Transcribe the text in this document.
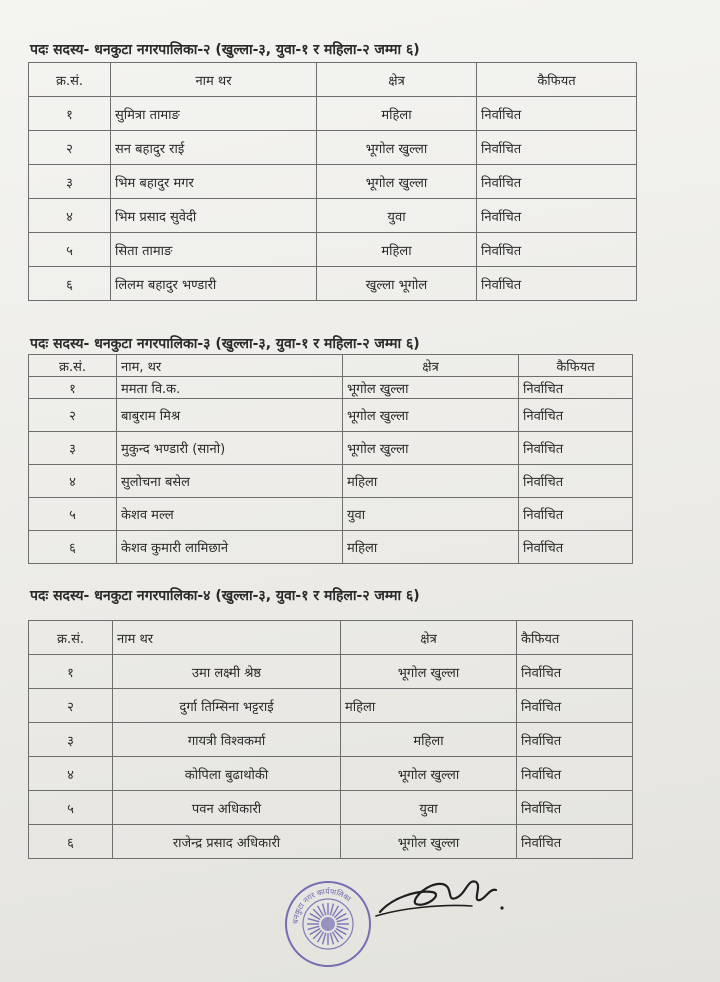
पदः सदस्य- धनकुटा नगरपालिका-२ (खुल्ला-३, युवा-१ र महिला-२ जम्मा ६)
क्र.सं.	नाम थर	क्षेत्र	कैफियत
१	सुमित्रा तामाङ	महिला	निर्वाचित
२	सन बहादुर राई	भूगोल खुल्ला	निर्वाचित
३	भिम बहादुर मगर	भूगोल खुल्ला	निर्वाचित
४	भिम प्रसाद सुवेदी	युवा	निर्वाचित
५	सिता तामाङ	महिला	निर्वाचित
६	लिलम बहादुर भण्डारी	खुल्ला भूगोल	निर्वाचित
पदः सदस्य- धनकुटा नगरपालिका-३ (खुल्ला-३, युवा-१ र महिला-२ जम्मा ६)
क्र.सं.	नाम, थर	क्षेत्र	कैफियत
१	ममता वि.क.	भूगोल खुल्ला	निर्वाचित
२	बाबुराम मिश्र	भूगोल खुल्ला	निर्वाचित
३	मुकुन्द भण्डारी (सानो)	भूगोल खुल्ला	निर्वाचित
४	सुलोचना बसेल	महिला	निर्वाचित
५	केशव मल्ल	युवा	निर्वाचित
६	केशव कुमारी लामिछाने	महिला	निर्वाचित
पदः सदस्य- धनकुटा नगरपालिका-४ (खुल्ला-३, युवा-१ र महिला-२ जम्मा ६)
क्र.सं.	नाम थर	क्षेत्र	कैफियत
१	उमा लक्ष्मी श्रेष्ठ	भूगोल खुल्ला	निर्वाचित
२	दुर्गा तिम्सिना भट्टराई	महिला	निर्वाचित
३	गायत्री विश्वकर्मा	महिला	निर्वाचित
४	कोपिला बुढाथोकी	भूगोल खुल्ला	निर्वाचित
५	पवन अधिकारी	युवा	निर्वाचित
६	राजेन्द्र प्रसाद अधिकारी	भूगोल खुल्ला	निर्वाचित
धनकुटा नगर कार्यपालिका
